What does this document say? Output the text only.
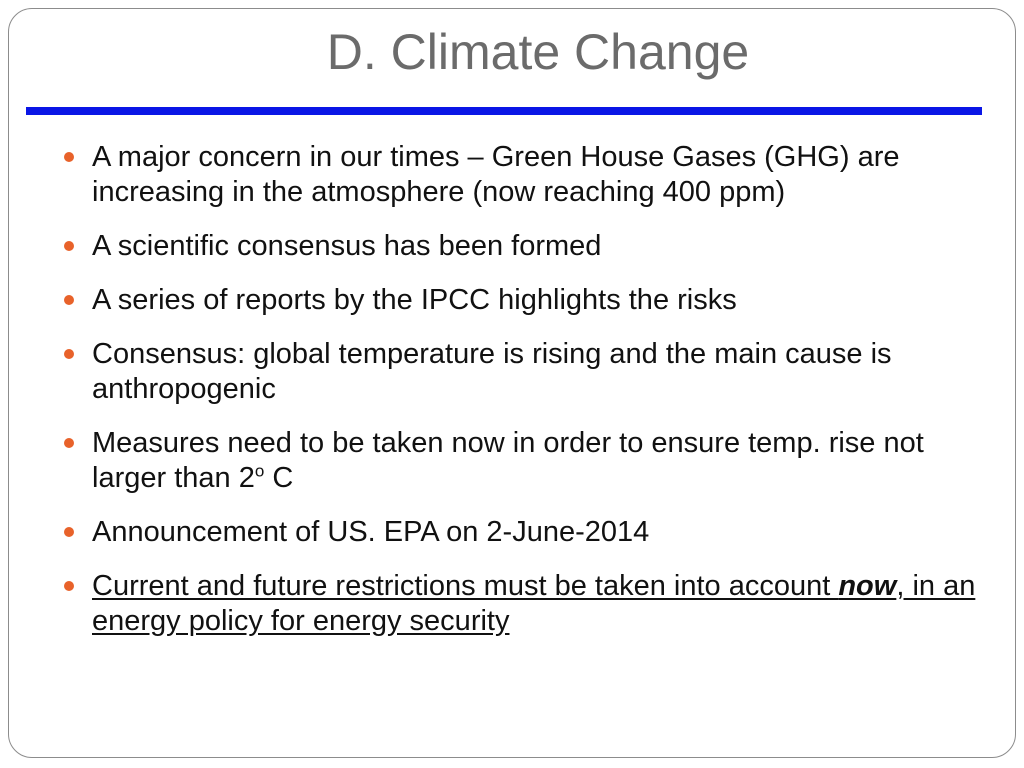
D. Climate Change
A major concern in our times – Green House Gases (GHG) are increasing in the atmosphere (now reaching 400 ppm)
A scientific consensus has been formed
A series of reports by the IPCC highlights the risks
Consensus: global temperature is rising and the main cause is anthropogenic
Measures need to be taken now in order to ensure temp. rise not larger than 2$^o$ C
Announcement of US. EPA on 2-June-2014
Current and future restrictions must be taken into account now, in an energy policy for energy security
